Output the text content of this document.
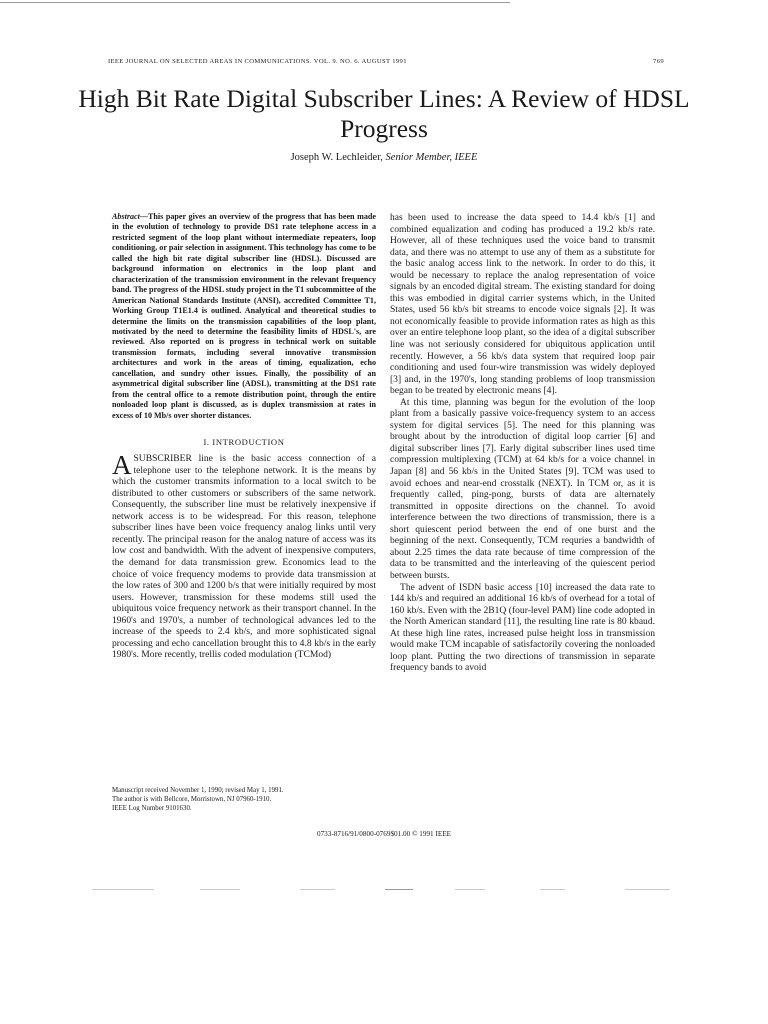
IEEE JOURNAL ON SELECTED AREAS IN COMMUNICATIONS. VOL. 9. NO. 6. AUGUST 1991	769
High Bit Rate Digital Subscriber Lines: A Review of HDSL Progress
Joseph W. Lechleider, Senior Member, IEEE

Abstract—This paper gives an overview of the progress that has been made in the evolution of technology to provide DS1 rate telephone access in a restricted segment of the loop plant without intermediate repeaters, loop conditioning, or pair selection in assignment. This technology has come to be called the high bit rate digital subscriber line (HDSL). Discussed are background information on electronics in the loop plant and characterization of the transmission environment in the relevant frequency band. The progress of the HDSL study project in the T1 subcommittee of the American National Standards Institute (ANSI), accredited Committee T1, Working Group T1E1.4 is outlined. Analytical and theoretical studies to determine the limits on the transmission capabilities of the loop plant, motivated by the need to determine the feasibility limits of HDSL's, are reviewed. Also reported on is progress in technical work on suitable transmission formats, including several innovative transmission architectures and work in the areas of timing, equalization, echo cancellation, and sundry other issues. Finally, the possibility of an asymmetrical digital subscriber line (ADSL), transmitting at the DS1 rate from the central office to a remote distribution point, through the entire nonloaded loop plant is discussed, as is duplex transmission at rates in excess of 10 Mb/s over shorter distances.

I. INTRODUCTION

ASUBSCRIBER line is the basic access connection of a telephone user to the telephone network. It is the means by which the customer transmits information to a local switch to be distributed to other customers or subscribers of the same network. Consequently, the subscriber line must be relatively inexpensive if network access is to be widespread. For this reason, telephone subscriber lines have been voice frequency analog links until very recently. The principal reason for the analog nature of access was its low cost and bandwidth. With the advent of inexpensive computers, the demand for data transmission grew. Economics lead to the choice of voice frequency modems to provide data transmission at the low rates of 300 and 1200 b/s that were initially required by most users. However, transmission for these modems still used the ubiquitous voice frequency network as their transport channel. In the 1960's and 1970's, a number of technological advances led to the increase of the speeds to 2.4 kb/s, and more sophisticated signal processing and echo cancellation brought this to 4.8 kb/s in the early 1980's. More recently, trellis coded modulation (TCMod)

Manuscript received November 1, 1990; revised May 1, 1991.
The author is with Bellcore, Morristown, NJ 07960-1910.
IEEE Log Number 9101630.

has been used to increase the data speed to 14.4 kb/s [1] and combined equalization and coding has produced a 19.2 kb/s rate. However, all of these techniques used the voice band to transmit data, and there was no attempt to use any of them as a substitute for the basic analog access link to the network. In order to do this, it would be necessary to replace the analog representation of voice signals by an encoded digital stream. The existing standard for doing this was embodied in digital carrier systems which, in the United States, used 56 kb/s bit streams to encode voice signals [2]. It was not economically feasible to provide information rates as high as this over an entire telephone loop plant, so the idea of a digital subscriber line was not seriously considered for ubiquitous application until recently. However, a 56 kb/s data system that required loop pair conditioning and used four-wire transmission was widely deployed [3] and, in the 1970's, long standing problems of loop transmission began to be treated by electronic means [4].

At this time, planning was begun for the evolution of the loop plant from a basically passive voice-frequency system to an access system for digital services [5]. The need for this planning was brought about by the introduction of digital loop carrier [6] and digital subscriber lines [7]. Early digital subscriber lines used time compression multiplexing (TCM) at 64 kb/s for a voice channel in Japan [8] and 56 kb/s in the United States [9]. TCM was used to avoid echoes and near-end crosstalk (NEXT). In TCM or, as it is frequently called, ping-pong, bursts of data are alternately transmitted in opposite directions on the channel. To avoid interference between the two directions of transmission, there is a short quiescent period between the end of one burst and the beginning of the next. Consequently, TCM requries a bandwidth of about 2.25 times the data rate because of time compression of the data to be transmitted and the interleaving of the quiescent period between bursts.

The advent of ISDN basic access [10] increased the data rate to 144 kb/s and required an additional 16 kb/s of overhead for a total of 160 kb/s. Even with the 2B1Q (four-level PAM) line code adopted in the North American standard [11], the resulting line rate is 80 kbaud. At these high line rates, increased pulse height loss in transmission would make TCM incapable of satisfactorily covering the nonloaded loop plant. Putting the two directions of transmission in separate frequency bands to avoid

0733-8716/91/0800-0769$01.00 © 1991 IEEE
